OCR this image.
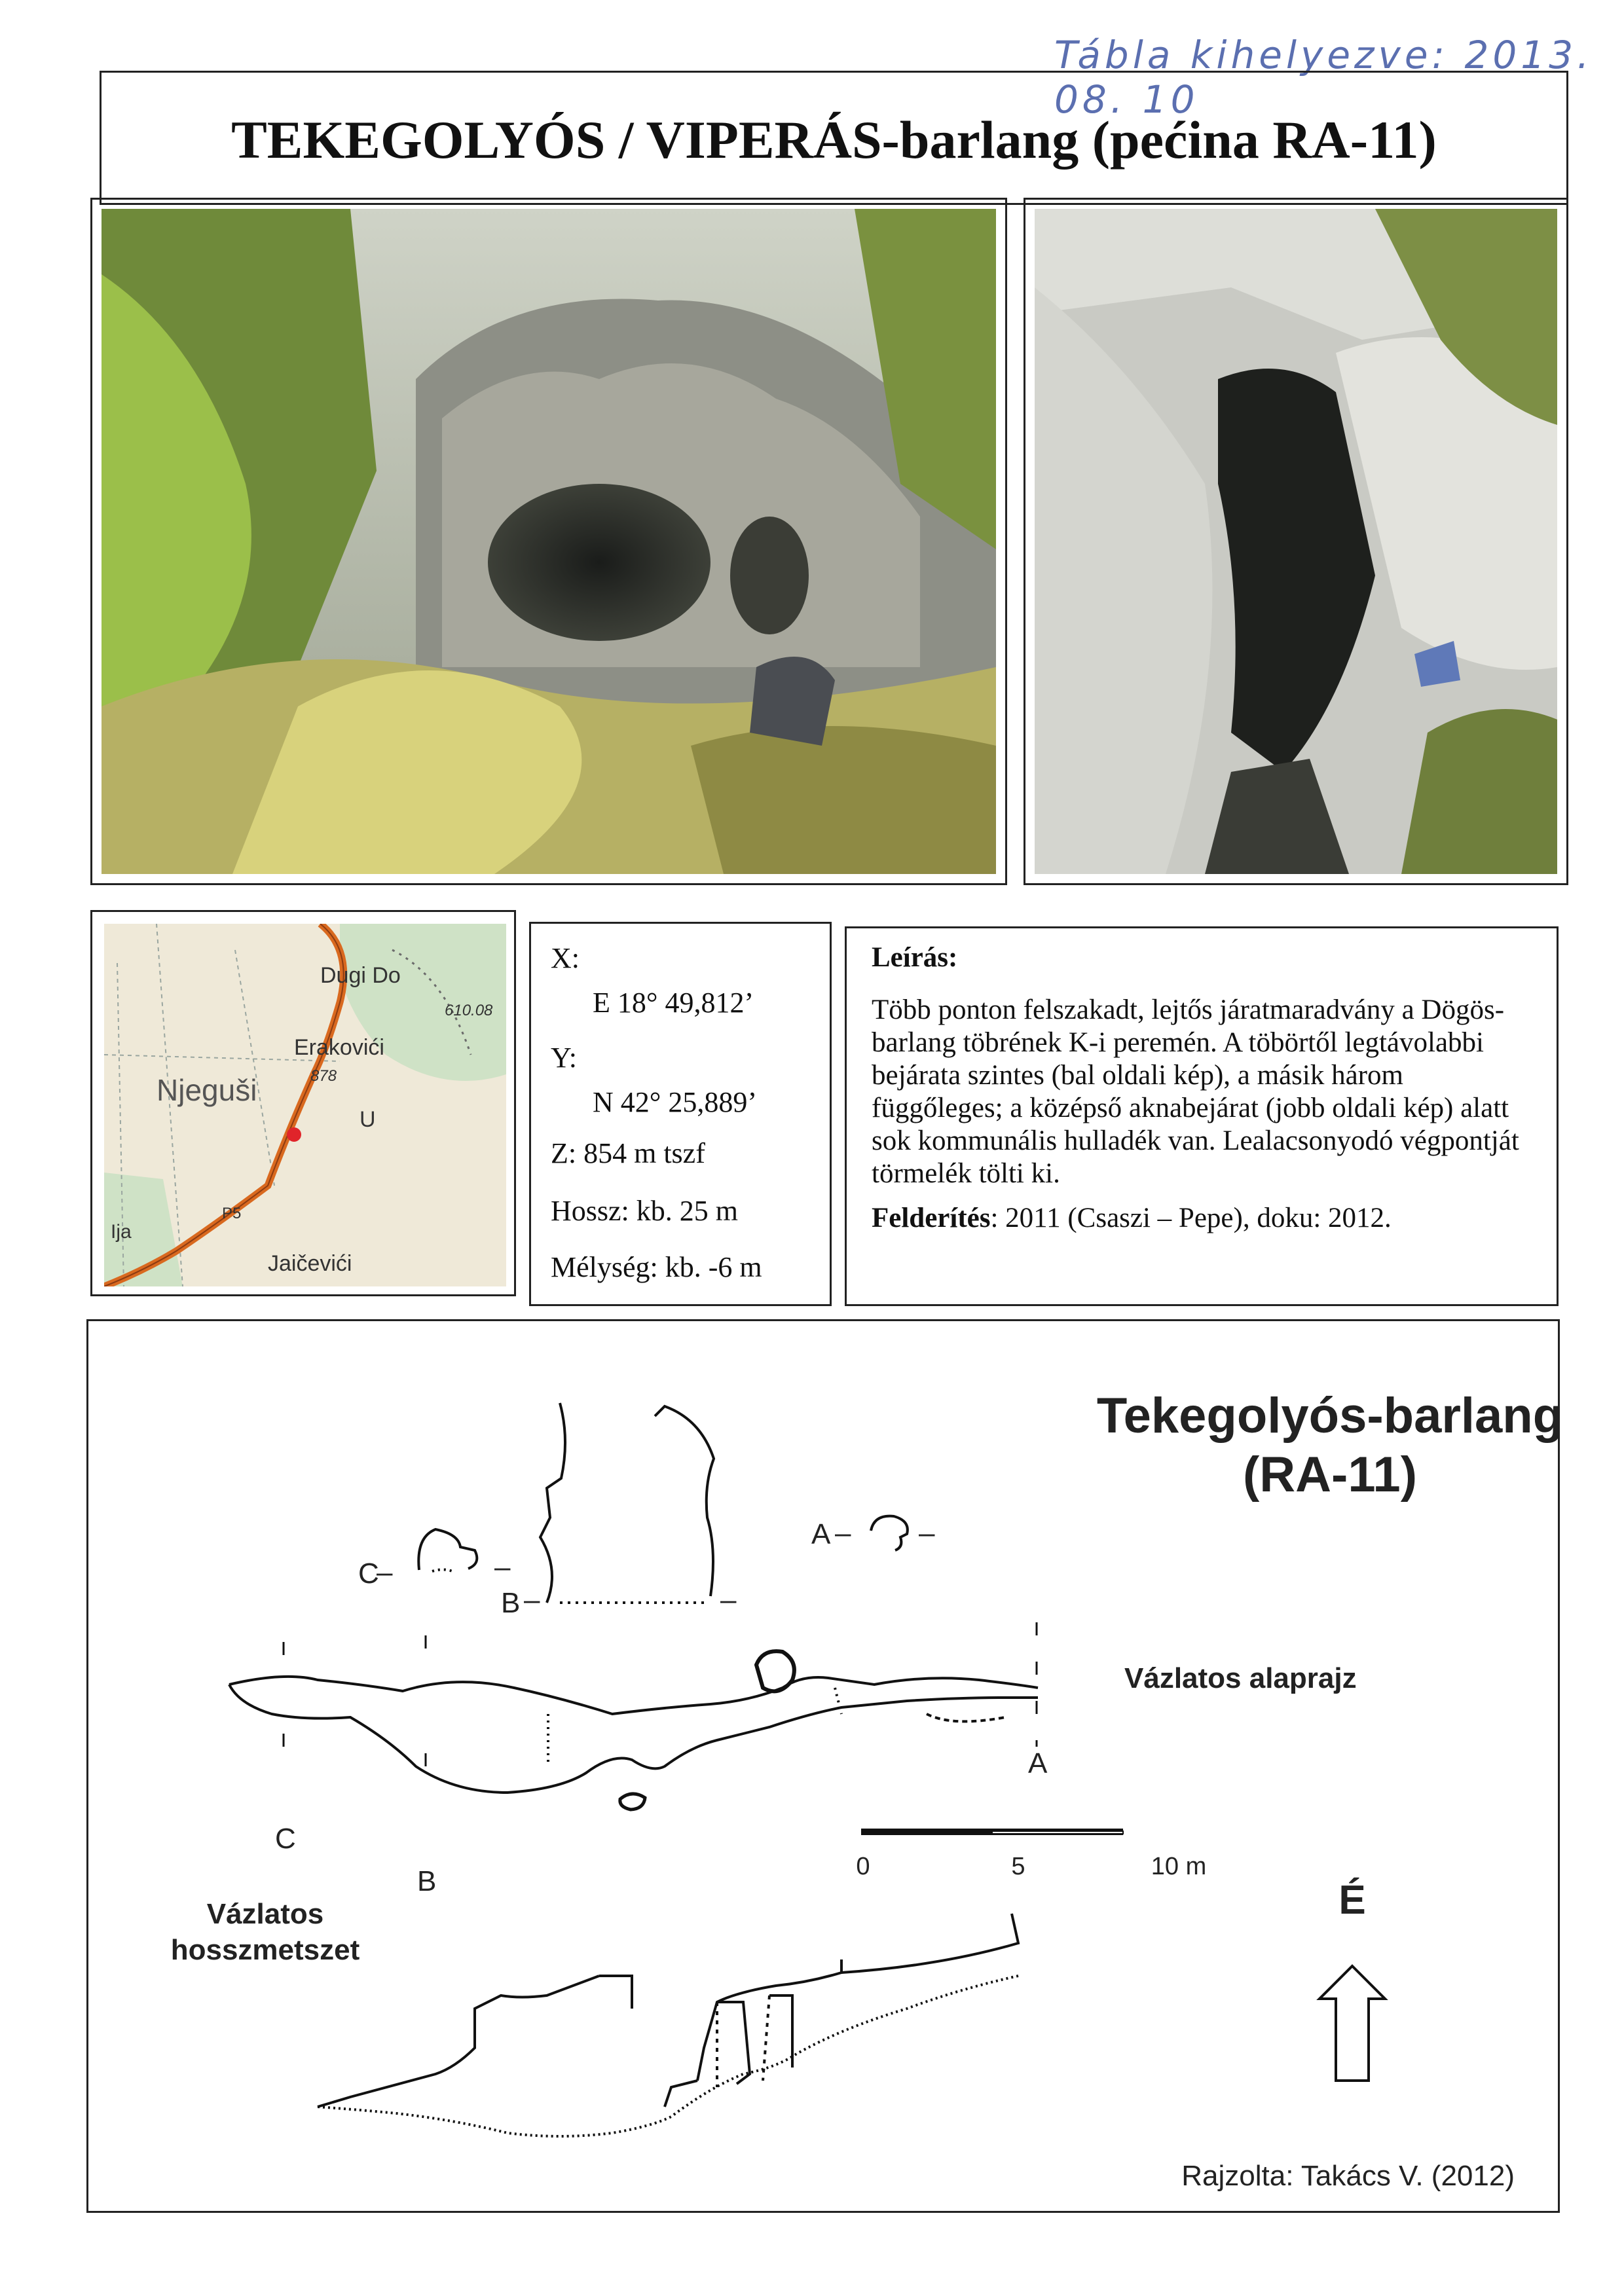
Tábla kihelyezve: 2013. 08. 10
TEKEGOLYÓS / VIPERÁS-barlang (pećina RA-11)
Dugi Do
610.08
Erakovići
878
Njeguši
Jaičevići
Ija
P5
U
X:
E 18° 49,812’
Y:
N 42° 25,889’
Z: 854 m tszf
Hossz: kb. 25 m
Mélység: kb. -6 m
Leírás:
Több ponton felszakadt, lejtős járatmaradvány a Dögös-barlang töbrének K-i peremén. A töbörtől legtávolabbi bejárata szintes (bal oldali kép), a másik három függőleges; a középső aknabejárat (jobb oldali kép) alatt sok kommunális hulladék van. Lealacsonyodó végpontját törmelék tölti ki.
Felderítés: 2011 (Csaszi – Pepe), doku: 2012.
Tekegolyós-barlang
(RA-11)
C
–	–
B –	–
A – –
A
C
B
Vázlatos alaprajz
0	5	10 m
É
Vázlatos
hosszmetszet
Rajzolta: Takács V. (2012)
